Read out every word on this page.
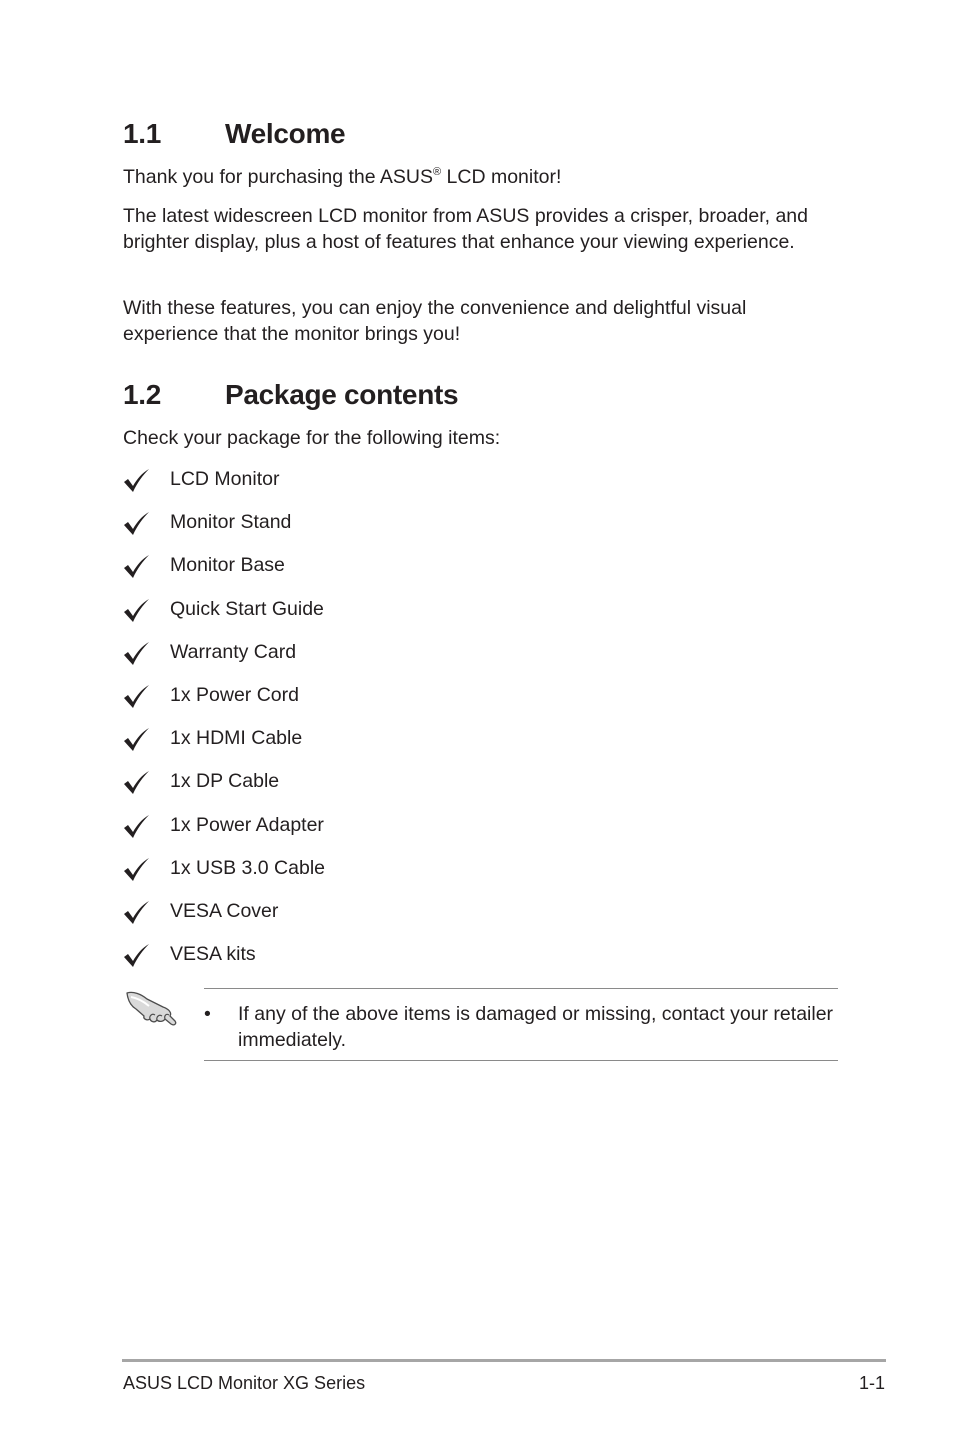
1.1 Welcome

Thank you for purchasing the ASUS® LCD monitor!

The latest widescreen LCD monitor from ASUS provides a crisper, broader, and brighter display, plus a host of features that enhance your viewing experience.

With these features, you can enjoy the convenience and delightful visual experience that the monitor brings you!

1.2 Package contents

Check your package for the following items:

LCD Monitor
Monitor Stand
Monitor Base
Quick Start Guide
Warranty Card
1x Power Cord
1x HDMI Cable
1x DP Cable
1x Power Adapter
1x USB 3.0 Cable
VESA Cover
VESA kits
• If any of the above items is damaged or missing, contact your retailer immediately.
ASUS LCD Monitor XG Series	1-1
